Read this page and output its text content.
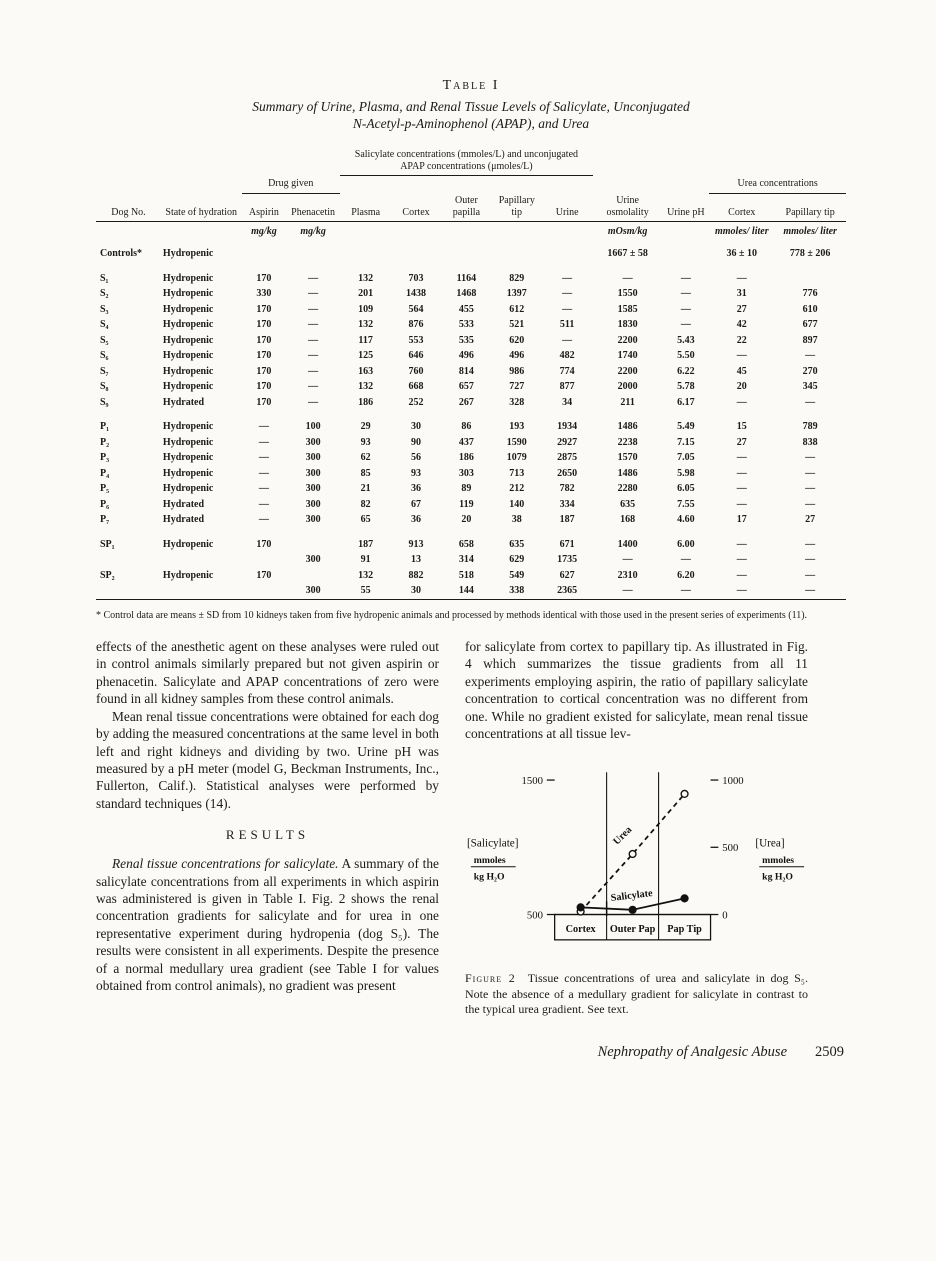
Table I
Summary of Urine, Plasma, and Renal Tissue Levels of Salicylate, Unconjugated
N-Acetyl-p-Aminophenol (APAP), and Urea
				Salicylate concentrations (mmoles/L) and unconjugated APAP concentrations (μmoles/L)								
		Drug given									Urea concentrations	
Dog No.	State of hydration	Aspirin	Phenacetin	Plasma	Cortex	Outer papilla	Papillary tip	Urine	Urine osmolality	Urine pH	Cortex	Papillary tip
		mg/kg	mg/kg						mOsm/kg		mmoles/ liter	mmoles/ liter
Controls*	Hydropenic								1667 ± 58		36 ± 10	778 ± 206

S₁	Hydropenic	170	—	132	703	1164	829	—	—	—	—	
S₂	Hydropenic	330	—	201	1438	1468	1397	—	1550	—	31	776
S₃	Hydropenic	170	—	109	564	455	612	—	1585	—	27	610
S₄	Hydropenic	170	—	132	876	533	521	511	1830	—	42	677
S₅	Hydropenic	170	—	117	553	535	620	—	2200	5.43	22	897
S₆	Hydropenic	170	—	125	646	496	496	482	1740	5.50	—	—
S₇	Hydropenic	170	—	163	760	814	986	774	2200	6.22	45	270
S₈	Hydropenic	170	—	132	668	657	727	877	2000	5.78	20	345
S₉	Hydrated	170	—	186	252	267	328	34	211	6.17	—	—

P₁	Hydropenic	—	100	29	30	86	193	1934	1486	5.49	15	789
P₂	Hydropenic	—	300	93	90	437	1590	2927	2238	7.15	27	838
P₃	Hydropenic	—	300	62	56	186	1079	2875	1570	7.05	—	—
P₄	Hydropenic	—	300	85	93	303	713	2650	1486	5.98	—	—
P₅	Hydropenic	—	300	21	36	89	212	782	2280	6.05	—	—
P₆	Hydrated	—	300	82	67	119	140	334	635	7.55	—	—
P₇	Hydrated	—	300	65	36	20	38	187	168	4.60	17	27

SP₁	Hydropenic	170		187	913	658	635	671	1400	6.00	—	—
			300	91	13	314	629	1735	—	—	—	—
SP₂	Hydropenic	170		132	882	518	549	627	2310	6.20	—	—
			300	55	30	144	338	2365	—	—	—	—

* Control data are means ± SD from 10 kidneys taken from five hydropenic animals and processed by methods identical with those used in the present series of experiments (11).

effects of the anesthetic agent on these analyses were ruled out in control animals similarly prepared but not given aspirin or phenacetin. Salicylate and APAP concentrations of zero were found in all kidney samples from these control animals.

Mean renal tissue concentrations were obtained for each dog by adding the measured concentrations at the same level in both left and right kidneys and dividing by two. Urine pH was measured by a pH meter (model G, Beckman Instruments, Inc., Fullerton, Calif.). Statistical analyses were performed by standard techniques (14).

RESULTS

Renal tissue concentrations for salicylate. A summary of the salicylate concentrations from all experiments in which aspirin was administered is given in Table I. Fig. 2 shows the renal concentration gradients for salicylate and for urea in one representative experiment during hydropenia (dog S₅). The results were consistent in all experiments. Despite the presence of a normal medullary urea gradient (see Table I for values obtained from control animals), no gradient was present

for salicylate from cortex to papillary tip. As illustrated in Fig. 4 which summarizes the tissue gradients from all 11 experiments employing aspirin, the ratio of papillary salicylate concentration to cortical concentration was no different from one. While no gradient existed for salicylate, mean renal tissue concentrations at all tissue lev-

Cortex Outer Pap Pap Tip
1500
500
1000
500
0
[Salicylate]
mmoles
kg H₂O
[Urea]
mmoles
kg H₂O
Urea
Salicylate
Figure 2  Tissue concentrations of urea and salicylate in dog S₅. Note the absence of a medullary gradient for salicylate in contrast to the typical urea gradient. See text.
Nephropathy of Analgesic Abuse 2509
